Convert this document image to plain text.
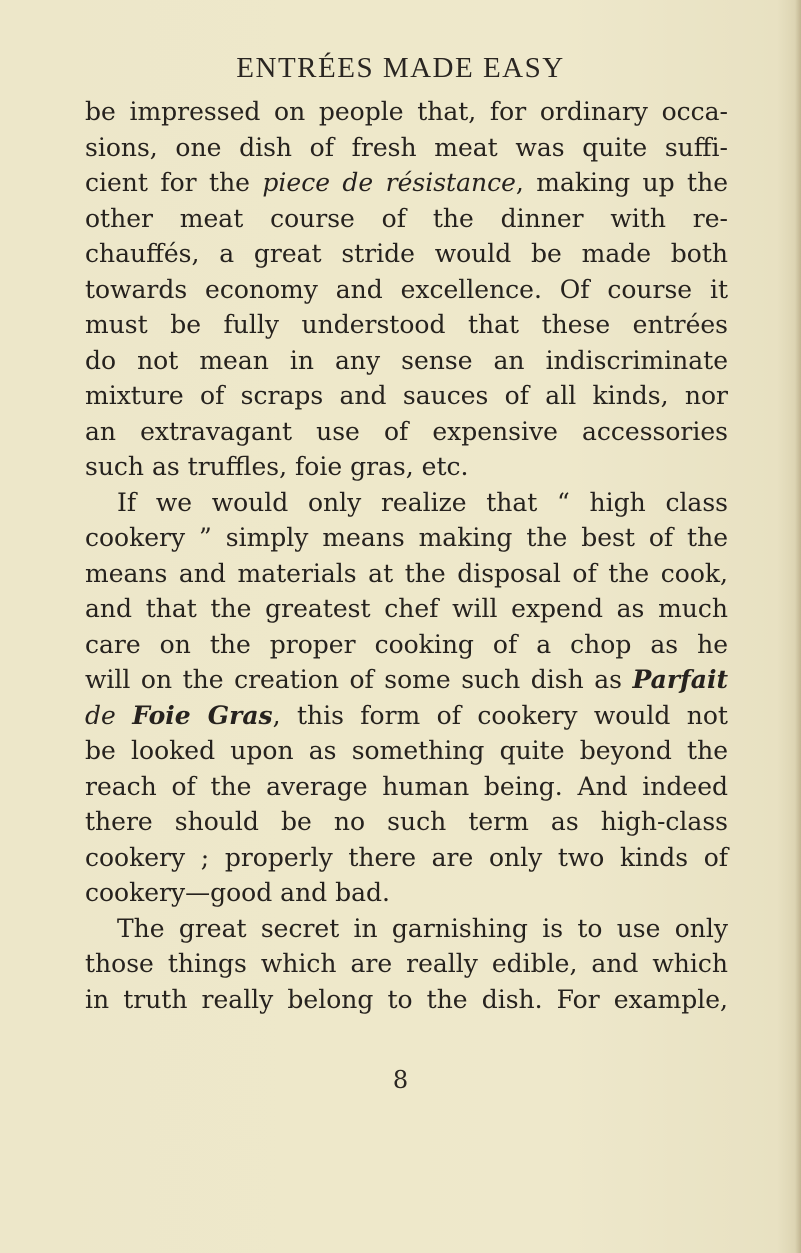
ENTRÉES MADE EASY
be impressed on people that, for ordinary occa-
sions, one dish of fresh meat was quite suffi-
cient for the piece de résistance, making up the
other meat course of the dinner with re-
chauffés, a great stride would be made both
towards economy and excellence. Of course it
must be fully understood that these entrées
do not mean in any sense an indiscriminate
mixture of scraps and sauces of all kinds, nor
an extravagant use of expensive accessories
such as truffles, foie gras, etc.
If we would only realize that “ high class
cookery ” simply means making the best of the
means and materials at the disposal of the cook,
and that the greatest chef will expend as much
care on the proper cooking of a chop as he
will on the creation of some such dish as Parfait
de Foie Gras, this form of cookery would not
be looked upon as something quite beyond the
reach of the average human being. And indeed
there should be no such term as high-class
cookery ; properly there are only two kinds of
cookery—good and bad.
The great secret in garnishing is to use only
those things which are really edible, and which
in truth really belong to the dish. For example,
8
